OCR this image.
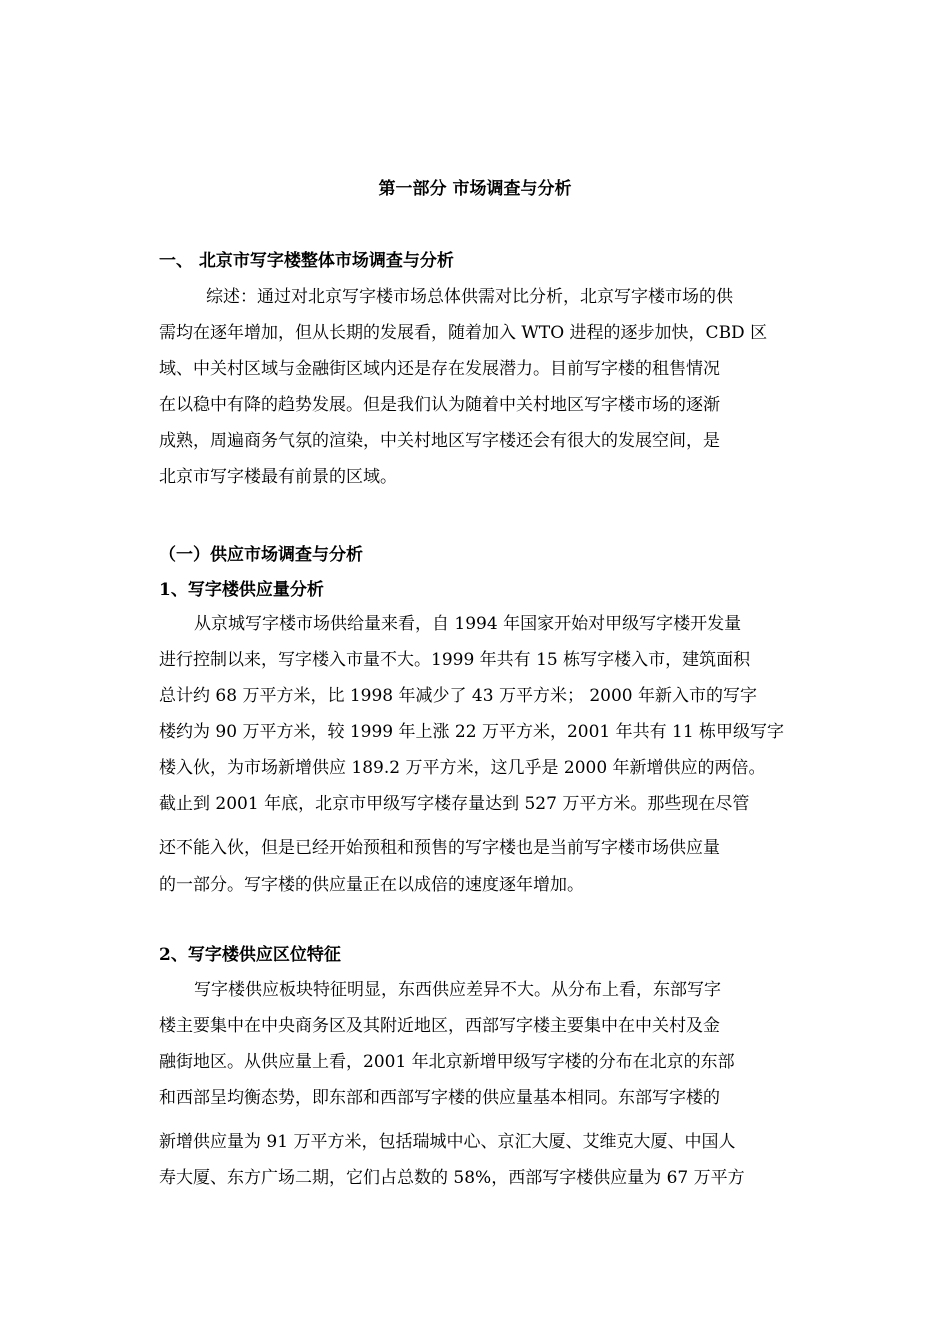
第一部分 市场调查与分析
一、 北京市写字楼整体市场调查与分析
综述：通过对北京写字楼市场总体供需对比分析，北京写字楼市场的供
需均在逐年增加，但从长期的发展看，随着加入 WTO 进程的逐步加快，CBD 区
域、中关村区域与金融街区域内还是存在发展潜力。目前写字楼的租售情况
在以稳中有降的趋势发展。但是我们认为随着中关村地区写字楼市场的逐渐
成熟，周遍商务气氛的渲染，中关村地区写字楼还会有很大的发展空间，是
北京市写字楼最有前景的区域。
（一）供应市场调查与分析
1、写字楼供应量分析
从京城写字楼市场供给量来看，自 1994 年国家开始对甲级写字楼开发量
进行控制以来，写字楼入市量不大。1999 年共有 15 栋写字楼入市，建筑面积
总计约 68 万平方米，比 1998 年减少了 43 万平方米； 2000 年新入市的写字
楼约为 90 万平方米，较 1999 年上涨 22 万平方米，2001 年共有 11 栋甲级写字
楼入伙，为市场新增供应 189.2 万平方米，这几乎是 2000 年新增供应的两倍。
截止到 2001 年底，北京市甲级写字楼存量达到 527 万平方米。那些现在尽管
还不能入伙，但是已经开始预租和预售的写字楼也是当前写字楼市场供应量
的一部分。写字楼的供应量正在以成倍的速度逐年增加。
2、写字楼供应区位特征
写字楼供应板块特征明显，东西供应差异不大。从分布上看，东部写字
楼主要集中在中央商务区及其附近地区，西部写字楼主要集中在中关村及金
融街地区。从供应量上看，2001 年北京新增甲级写字楼的分布在北京的东部
和西部呈均衡态势，即东部和西部写字楼的供应量基本相同。东部写字楼的
新增供应量为 91 万平方米，包括瑞城中心、京汇大厦、艾维克大厦、中国人
寿大厦、东方广场二期，它们占总数的 58%，西部写字楼供应量为 67 万平方
